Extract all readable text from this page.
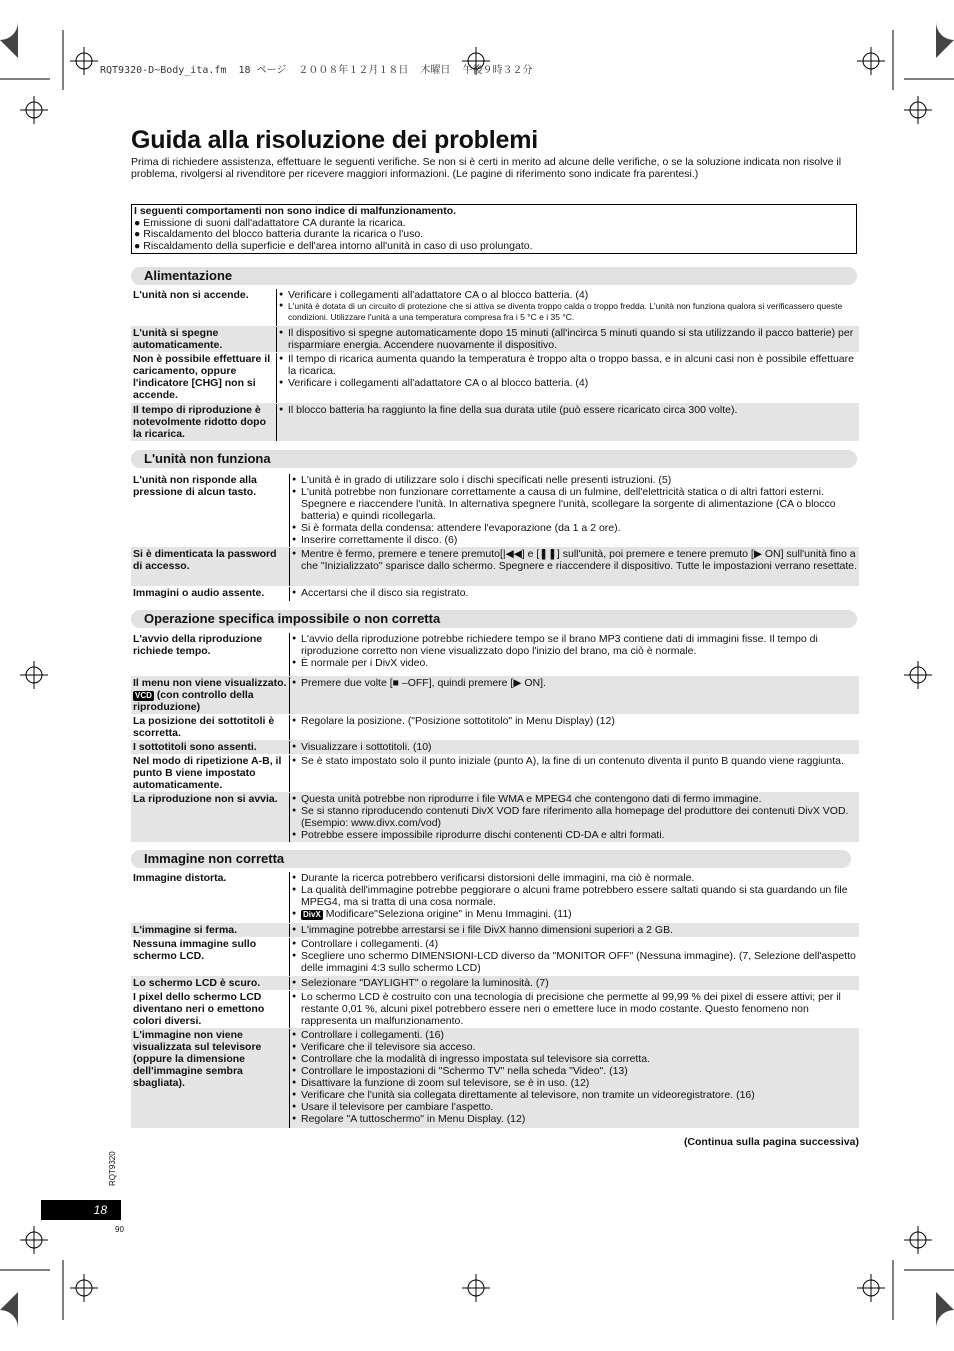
RQT9320-D~Body_ita.fm  18 ページ  ２００８年１２月１８日  木曜日  午後９時３２分
Guida alla risoluzione dei problemi
Prima di richiedere assistenza, effettuare le seguenti verifiche. Se non si è certi in merito ad alcune delle verifiche, o se la soluzione indicata non risolve il problema, rivolgersi al rivenditore per ricevere maggiori informazioni. (Le pagine di riferimento sono indicate fra parentesi.)
I seguenti comportamenti non sono indice di malfunzionamento.
● Emissione di suoni dall'adattatore CA durante la ricarica.
● Riscaldamento del blocco batteria durante la ricarica o l'uso.
● Riscaldamento della superficie e dell'area intorno all'unità in caso di uso prolungato.
Alimentazione
L'unità non si accende.	● Verificare i collegamenti all'adattatore CA o al blocco batteria. (4)
● L'unità è dotata di un circuito di protezione che si attiva se diventa troppo calda o troppo fredda. L'unità non funziona qualora si verificassero queste condizioni. Utilizzare l'unità a una temperatura compresa fra i 5 °C e i 35 °C.
L'unità si spegne automaticamente.
● Il dispositivo si spegne automaticamente dopo 15 minuti (all'incirca 5 minuti quando si sta utilizzando il pacco batterie) per risparmiare energia. Accendere nuovamente il dispositivo.
Non è possibile effettuare il caricamento, oppure l'indicatore [CHG] non si accende.
● Il tempo di ricarica aumenta quando la temperatura è troppo alta o troppo bassa, e in alcuni casi non è possibile effettuare la ricarica.
● Verificare i collegamenti all'adattatore CA o al blocco batteria. (4)
Il tempo di riproduzione è notevolmente ridotto dopo la ricarica.
● Il blocco batteria ha raggiunto la fine della sua durata utile (può essere ricaricato circa 300 volte).
L'unità non funziona
L'unità non risponde alla pressione di alcun tasto.
● L'unità è in grado di utilizzare solo i dischi specificati nelle presenti istruzioni. (5)
● L'unità potrebbe non funzionare correttamente a causa di un fulmine, dell'elettricità statica o di altri fattori esterni. Spegnere e riaccendere l'unità. In alternativa spegnere l'unità, scollegare la sorgente di alimentazione (CA o blocco batteria) e quindi ricollegarla.
● Si è formata della condensa: attendere l'evaporazione (da 1 a 2 ore).
● Inserire correttamente il disco. (6)
Si è dimenticata la password di accesso.
● Mentre è fermo, premere e tenere premuto[|◀◀] e [❚❚] sull'unità, poi premere e tenere premuto [▶ ON] sull'unità fino a che "Inizializzato" sparisce dallo schermo. Spegnere e riaccendere il dispositivo. Tutte le impostazioni verrano resettate.
Immagini o audio assente.	● Accertarsi che il disco sia registrato.
Operazione specifica impossibile o non corretta
L'avvio della riproduzione richiede tempo.
● L'avvio della riproduzione potrebbe richiedere tempo se il brano MP3 contiene dati di immagini fisse. Il tempo di riproduzione corretto non viene visualizzato dopo l'inizio del brano, ma ciò è normale.
● È normale per i DivX video.
Il menu non viene visualizzato. VCD (con controllo della riproduzione)
● Premere due volte [■ –OFF], quindi premere [▶ ON].
La posizione dei sottotitoli è scorretta.
● Regolare la posizione. ("Posizione sottotitolo" in Menu Display) (12)
I sottotitoli sono assenti.	● Visualizzare i sottotitoli. (10)
Nel modo di ripetizione A-B, il punto B viene impostato automaticamente.
● Se è stato impostato solo il punto iniziale (punto A), la fine di un contenuto diventa il punto B quando viene raggiunta.
La riproduzione non si avvia.	● Questa unità potrebbe non riprodurre i file WMA e MPEG4 che contengono dati di fermo immagine.
● Se si stanno riproducendo contenuti DivX VOD fare riferimento alla homepage del produttore dei contenuti DivX VOD. (Esempio: www.divx.com/vod)
● Potrebbe essere impossibile riprodurre dischi contenenti CD-DA e altri formati.
Immagine non corretta
Immagine distorta.	● Durante la ricerca potrebbero verificarsi distorsioni delle immagini, ma ciò è normale.
● La qualità dell'immagine potrebbe peggiorare o alcuni frame potrebbero essere saltati quando si sta guardando un file MPEG4, ma si tratta di una cosa normale.
● DivX Modificare"Seleziona origine" in Menu Immagini. (11)
L'immagine si ferma.	● L'immagine potrebbe arrestarsi se i file DivX hanno dimensioni superiori a 2 GB.
Nessuna immagine sullo schermo LCD.
● Controllare i collegamenti. (4)
● Scegliere uno schermo DIMENSIONI-LCD diverso da "MONITOR OFF" (Nessuna immagine). (7, Selezione dell'aspetto delle immagini 4:3 sullo schermo LCD)
Lo schermo LCD è scuro.	● Selezionare "DAYLIGHT" o regolare la luminosità. (7)
I pixel dello schermo LCD diventano neri o emettono colori diversi.
● Lo schermo LCD è costruito con una tecnologia di precisione che permette al 99,99 % dei pixel di essere attivi; per il restante 0,01 %, alcuni pixel potrebbero essere neri o emettere luce in modo costante. Questo fenomeno non rappresenta un malfunzionamento.
L'immagine non viene visualizzata sul televisore (oppure la dimensione dell'immagine sembra sbagliata).
● Controllare i collegamenti. (16)
● Verificare che il televisore sia acceso.
● Controllare che la modalità di ingresso impostata sul televisore sia corretta.
● Controllare le impostazioni di "Schermo TV" nella scheda "Video". (13)
● Disattivare la funzione di zoom sul televisore, se è in uso. (12)
● Verificare che l'unità sia collegata direttamente al televisore, non tramite un videoregistratore. (16)
● Usare il televisore per cambiare l'aspetto.
● Regolare "A tuttoschermo" in Menu Display. (12)
(Continua sulla pagina successiva)
RQT9320
18
90
